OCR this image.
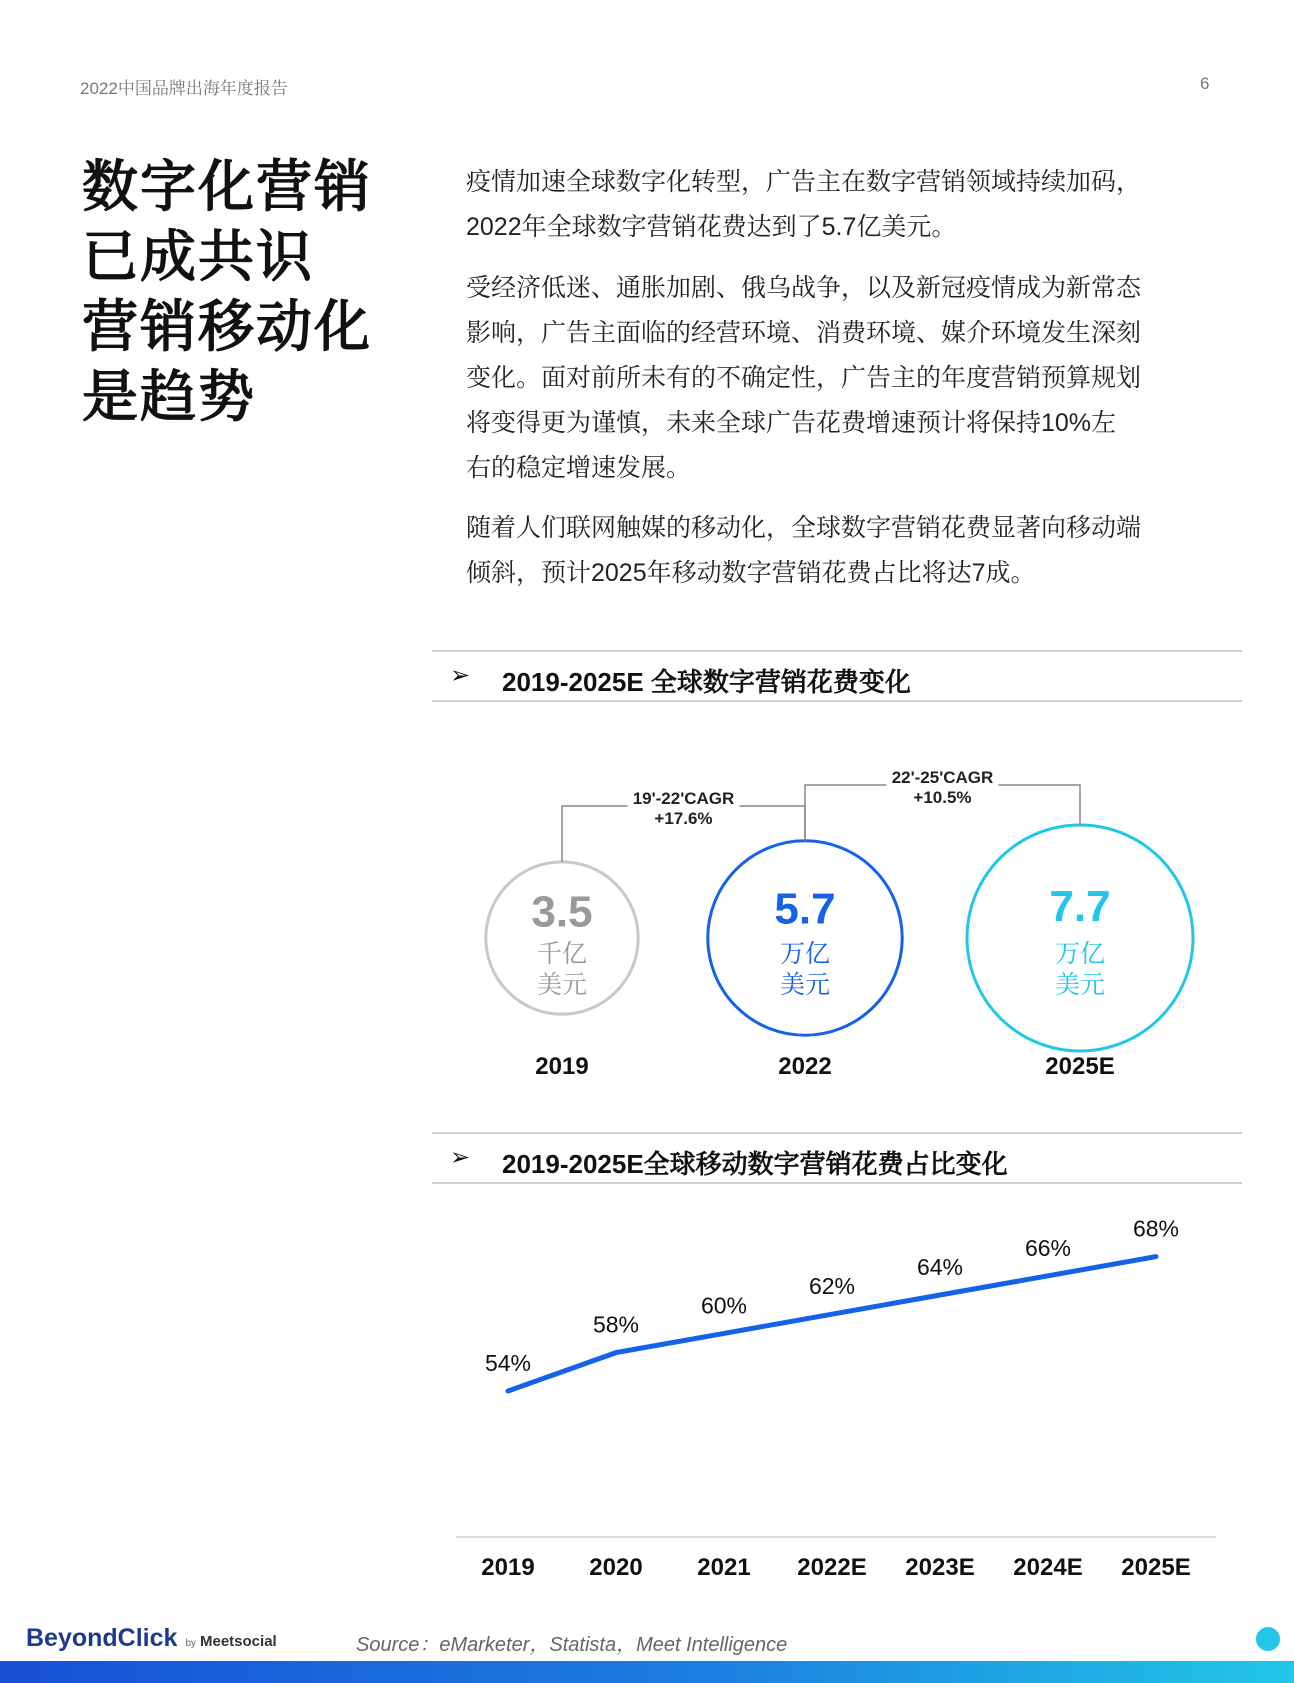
2022中国品牌出海年度报告	6
数字化营销
已成共识
营销移动化
是趋势
疫情加速全球数字化转型，广告主在数字营销领域持续加码，
2022年全球数字营销花费达到了5.7亿美元。
受经济低迷、通胀加剧、俄乌战争，以及新冠疫情成为新常态
影响，广告主面临的经营环境、消费环境、媒介环境发生深刻
变化。面对前所未有的不确定性，广告主的年度营销预算规划
将变得更为谨慎，未来全球广告花费增速预计将保持10%左
右的稳定增速发展。
随着人们联网触媒的移动化，全球数字营销花费显著向移动端
倾斜，预计2025年移动数字营销花费占比将达7成。
➢ 2019-2025E 全球数字营销花费变化
3.5
千亿
美元
2019
5.7
万亿
美元
2022
7.7
万亿
美元
2025E
19'-22'CAGR
+17.6%
22'-25'CAGR
+10.5%
➢ 2019-2025E全球移动数字营销花费占比变化
54%
58%
60%
62%
64%
66%
68%
2019 2020 2021 2022E 2023E 2024E 2025E
BeyondClick by Meetsocial	Source：eMarketer，Statista，Meet Intelligence
